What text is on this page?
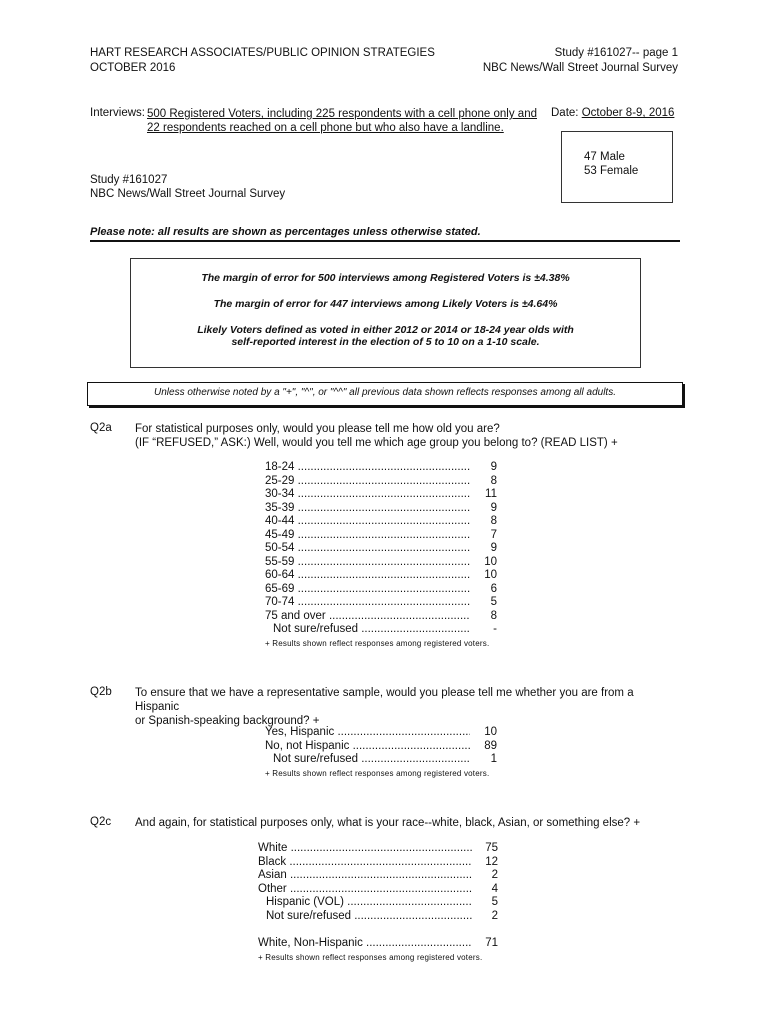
HART RESEARCH ASSOCIATES/PUBLIC OPINION STRATEGIES
OCTOBER 2016
Study #161027-- page 1
NBC News/Wall Street Journal Survey
Interviews: 500 Registered Voters, including 225 respondents with a cell phone only and
22 respondents reached on a cell phone but who also have a landline.
Date: October 8-9, 2016
47 Male
53 Female
Study #161027
NBC News/Wall Street Journal Survey
Please note: all results are shown as percentages unless otherwise stated.

The margin of error for 500 interviews among Registered Voters is ±4.38%

The margin of error for 447 interviews among Likely Voters is ±4.64%

Likely Voters defined as voted in either 2012 or 2014 or 18-24 year olds with

self-reported interest in the election of 5 to 10 on a 1-10 scale.

Unless otherwise noted by a "+", "^", or "^^" all previous data shown reflects responses among all adults.
Q2a For statistical purposes only, would you please tell me how old you are?
(IF “REFUSED,” ASK:) Well, would you tell me which age group you belong to? (READ LIST) +
18-24 .....	9
25-29 .....	8
30-34 .....	11
35-39 .....	9
40-44 .....	8
45-49 .....	7
50-54 .....	9
55-59 .....	10
60-64 .....	10
65-69 .....	6
70-74 .....	5
75 and over .....	8
Not sure/refused .....	-
+ Results shown reflect responses among registered voters.
Q2b To ensure that we have a representative sample, would you please tell me whether you are from a Hispanic
or Spanish-speaking background? +
Yes, Hispanic .....	10
No, not Hispanic .....	89
Not sure/refused .....	1
+ Results shown reflect responses among registered voters.
Q2c And again, for statistical purposes only, what is your race--white, black, Asian, or something else? +
White .....	75
Black .....	12
Asian .....	2
Other .....	4
Hispanic (VOL) .....	5
Not sure/refused .....	2
White, Non-Hispanic .....	71
+ Results shown reflect responses among registered voters.
